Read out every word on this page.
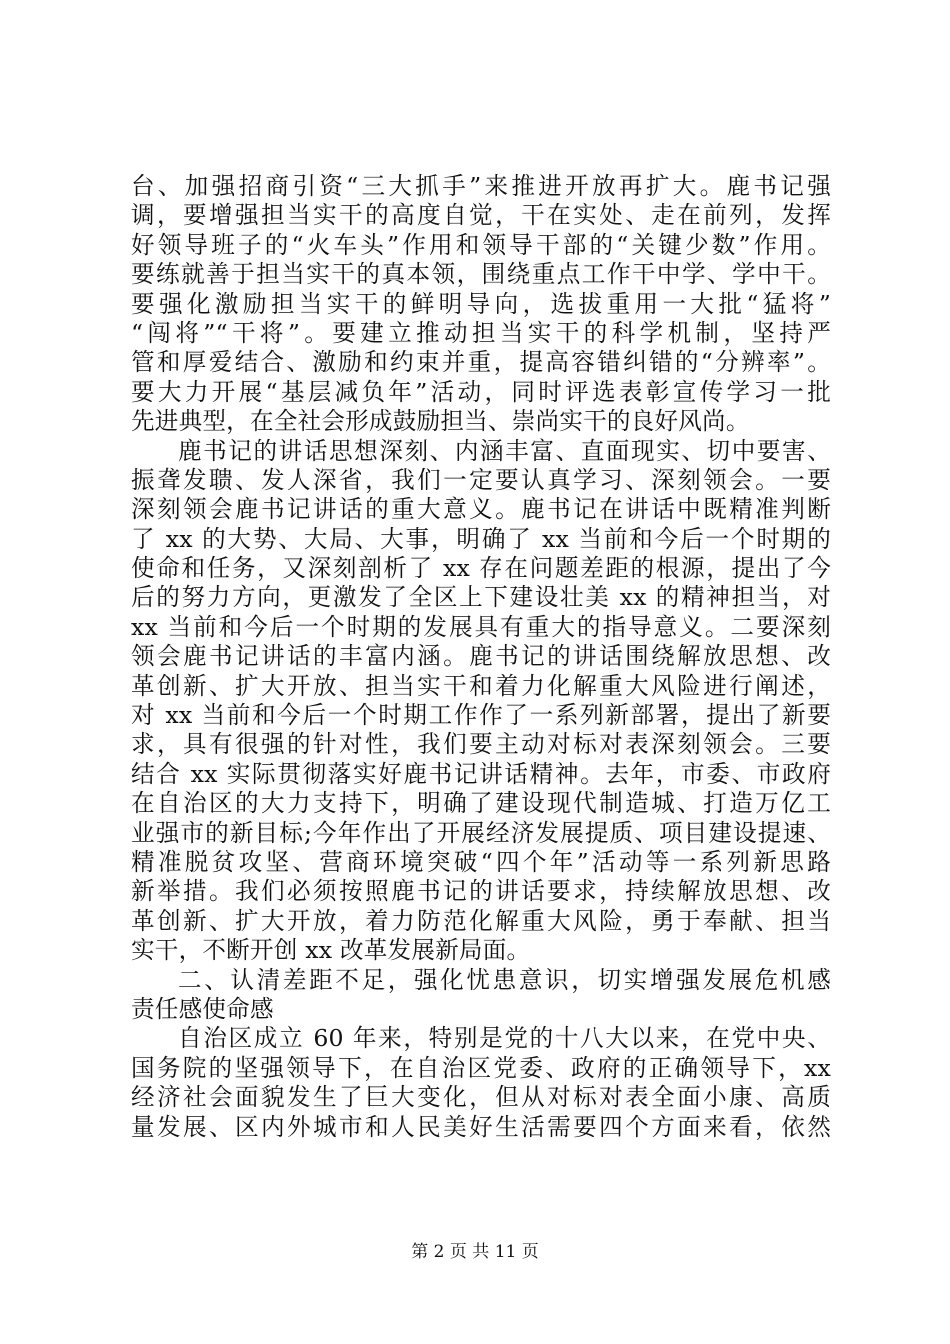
台、加强招商引资“三大抓手”来推进开放再扩大。鹿书记强
调，要增强担当实干的高度自觉，干在实处、走在前列，发挥
好领导班子的“火车头”作用和领导干部的“关键少数”作用。
要练就善于担当实干的真本领，围绕重点工作干中学、学中干。
要强化激励担当实干的鲜明导向，选拔重用一大批“猛将”
“闯将”“干将”。要建立推动担当实干的科学机制，坚持严
管和厚爱结合、激励和约束并重，提高容错纠错的“分辨率”。
要大力开展“基层减负年”活动，同时评选表彰宣传学习一批
先进典型，在全社会形成鼓励担当、崇尚实干的良好风尚。
鹿书记的讲话思想深刻、内涵丰富、直面现实、切中要害、
振聋发聩、发人深省，我们一定要认真学习、深刻领会。一要
深刻领会鹿书记讲话的重大意义。鹿书记在讲话中既精准判断
了 xx 的大势、大局、大事，明确了 xx 当前和今后一个时期的
使命和任务，又深刻剖析了 xx 存在问题差距的根源，提出了今
后的努力方向，更激发了全区上下建设壮美 xx 的精神担当，对
xx 当前和今后一个时期的发展具有重大的指导意义。二要深刻
领会鹿书记讲话的丰富内涵。鹿书记的讲话围绕解放思想、改
革创新、扩大开放、担当实干和着力化解重大风险进行阐述，
对 xx 当前和今后一个时期工作作了一系列新部署，提出了新要
求，具有很强的针对性，我们要主动对标对表深刻领会。三要
结合 xx 实际贯彻落实好鹿书记讲话精神。去年，市委、市政府
在自治区的大力支持下，明确了建设现代制造城、打造万亿工
业强市的新目标;今年作出了开展经济发展提质、项目建设提速、
精准脱贫攻坚、营商环境突破“四个年”活动等一系列新思路
新举措。我们必须按照鹿书记的讲话要求，持续解放思想、改
革创新、扩大开放，着力防范化解重大风险，勇于奉献、担当
实干，不断开创 xx 改革发展新局面。
二、认清差距不足，强化忧患意识，切实增强发展危机感
责任感使命感
自治区成立 60 年来，特别是党的十八大以来，在党中央、
国务院的坚强领导下，在自治区党委、政府的正确领导下，xx
经济社会面貌发生了巨大变化，但从对标对表全面小康、高质
量发展、区内外城市和人民美好生活需要四个方面来看，依然
第 2 页 共 11 页
